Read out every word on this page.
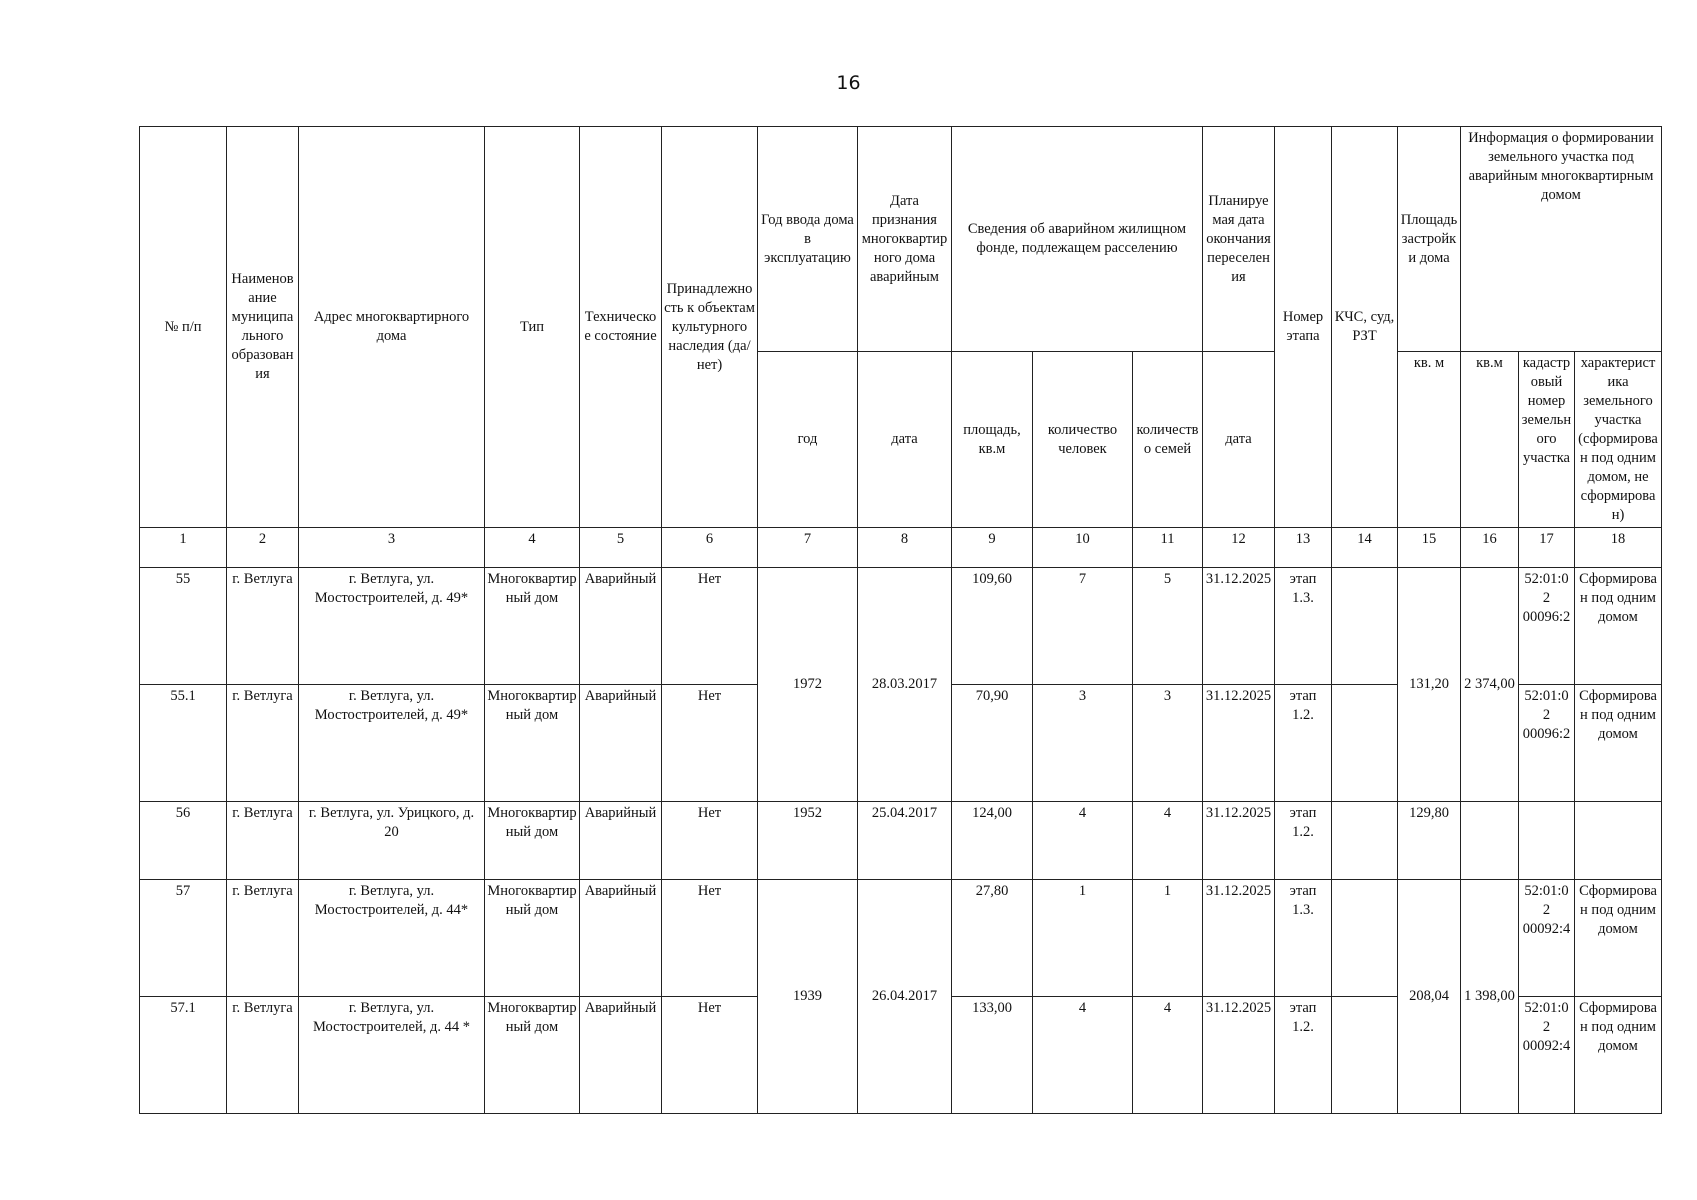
16
№ п/п	Наименование муниципального образования	Адрес многоквартирного дома	Тип	Техническое состояние	Принадлежность к объектам культурного наследия (да/нет)	Год ввода дома в эксплуатацию	Дата признания многоквартирного дома аварийным	Сведения об аварийном жилищном фонде, подлежащем расселению			Планируемая дата окончания переселения	Номер этапа	КЧС, суд, РЗТ	Площадь застройки дома	Информация о формировании земельного участка под аварийным многоквартирным домом		
						год	дата	площадь, кв.м	количество человек	количество семей	дата			кв. м	кв.м	кадастровый номер земельного участка	характеристика земельного участка (сформирован под одним домом, не сформирован)
1	2	3	4	5	6	7	8	9	10	11	12	13	14	15	16	17	18
55	г. Ветлуга	г. Ветлуга, ул. Мостостроителей, д. 49*	Многоквартирный дом	Аварийный	Нет	1972	28.03.2017	109,60	7	5	31.12.2025	этап 1.3.		131,20	2 374,00	52:01:02 00096:2	Сформирован под одним домом
55.1	г. Ветлуга	г. Ветлуга, ул. Мостостроителей, д. 49*	Многоквартирный дом	Аварийный	Нет			70,90	3	3	31.12.2025	этап 1.2.				52:01:02 00096:2	Сформирован под одним домом
56	г. Ветлуга	г. Ветлуга, ул. Урицкого, д. 20	Многоквартирный дом	Аварийный	Нет	1952	25.04.2017	124,00	4	4	31.12.2025	этап 1.2.		129,80			
57	г. Ветлуга	г. Ветлуга, ул. Мостостроителей, д. 44*	Многоквартирный дом	Аварийный	Нет	1939	26.04.2017	27,80	1	1	31.12.2025	этап 1.3.		208,04	1 398,00	52:01:02 00092:4	Сформирован под одним домом
57.1	г. Ветлуга	г. Ветлуга, ул. Мостостроителей, д. 44 *	Многоквартирный дом	Аварийный	Нет			133,00	4	4	31.12.2025	этап 1.2.				52:01:02 00092:4	Сформирован под одним домом
